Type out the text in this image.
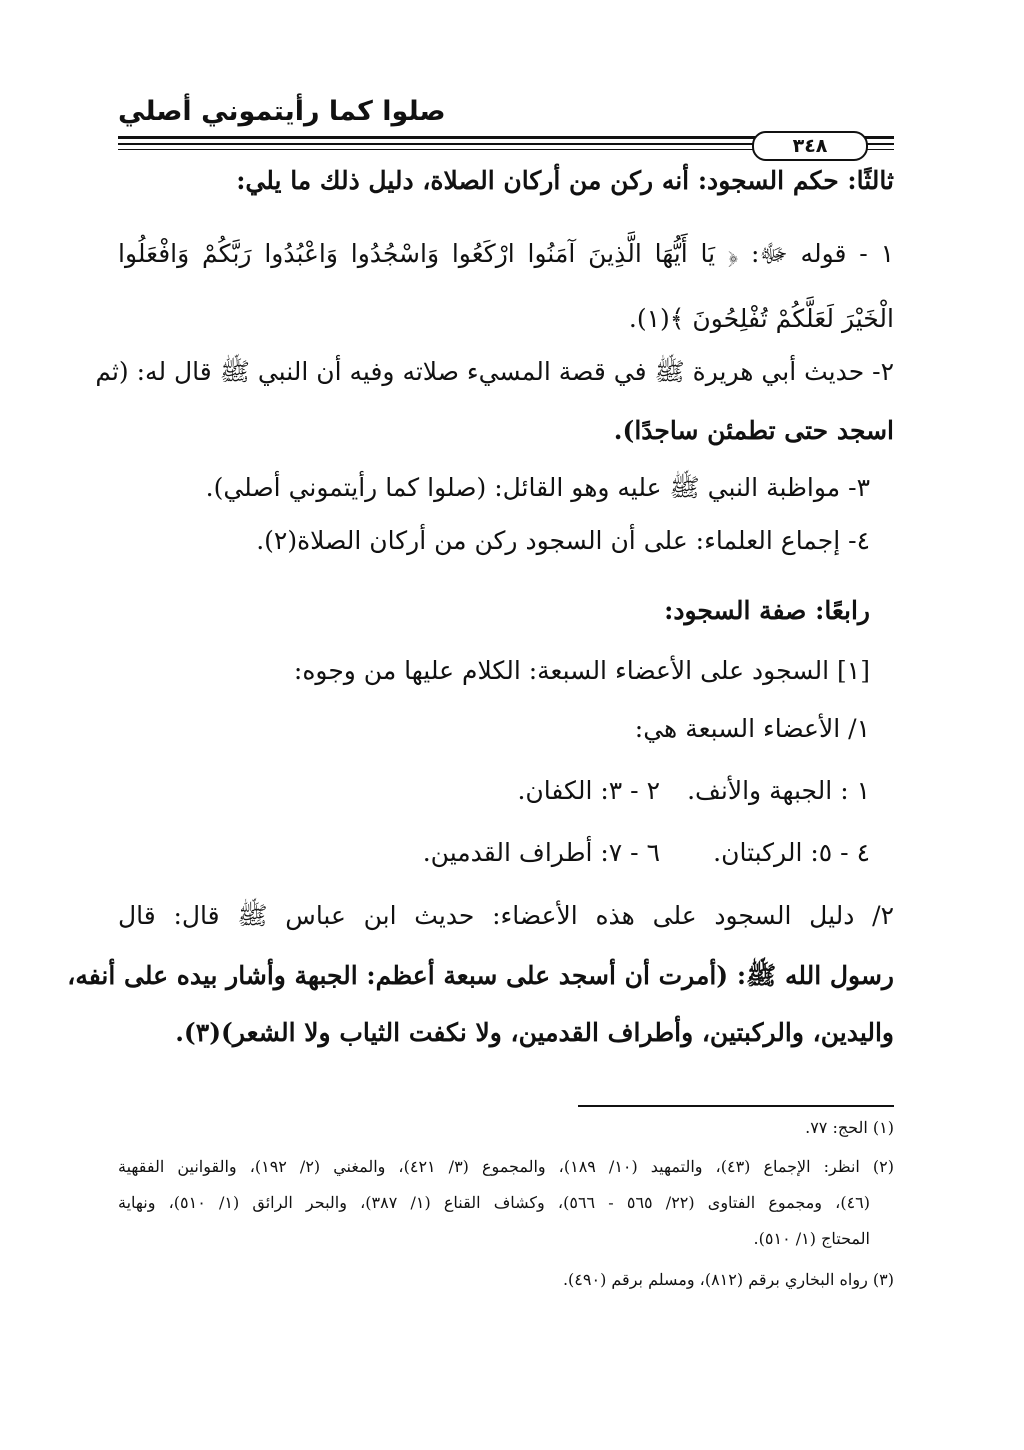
صلوا كما رأيتموني أصلي
٣٤٨
ثالثًا: حكم السجود: أنه ركن من أركان الصلاة، دليل ذلك ما يلي:
١ - قوله ﷻ: ﴿ يَا أَيُّهَا الَّذِينَ آمَنُوا ارْكَعُوا وَاسْجُدُوا وَاعْبُدُوا رَبَّكُمْ وَافْعَلُوا
الْخَيْرَ لَعَلَّكُمْ تُفْلِحُونَ ﴾(١).
٢- حديث أبي هريرة ﷺ في قصة المسيء صلاته وفيه أن النبي ﷺ قال له: (ثم
اسجد حتى تطمئن ساجدًا).
٣- مواظبة النبي ﷺ عليه وهو القائل: (صلوا كما رأيتموني أصلي).
٤- إجماع العلماء: على أن السجود ركن من أركان الصلاة(٢).
رابعًا: صفة السجود:
[١] السجود على الأعضاء السبعة: الكلام عليها من وجوه:
١/ الأعضاء السبعة هي:
١ : الجبهة والأنف.
٢ - ٣: الكفان.
٤ - ٥: الركبتان.
٦ - ٧: أطراف القدمين.
٢/ دليل السجود على هذه الأعضاء: حديث ابن عباس ﷺ قال: قال
رسول الله ﷺ: (أمرت أن أسجد على سبعة أعظم: الجبهة وأشار بيده على أنفه،
واليدين، والركبتين، وأطراف القدمين، ولا نكفت الثياب ولا الشعر)(٣).
(١) الحج: ٧٧.
(٢) انظر: الإجماع (٤٣)، والتمهيد (١٠/ ١٨٩)، والمجموع (٣/ ٤٢١)، والمغني (٢/ ١٩٢)، والقوانين الفقهية
(٤٦)، ومجموع الفتاوى (٢٢/ ٥٦٥ - ٥٦٦)، وكشاف القناع (١/ ٣٨٧)، والبحر الرائق (١/ ٥١٠)، ونهاية
المحتاج (١/ ٥١٠).
(٣) رواه البخاري برقم (٨١٢)، ومسلم برقم (٤٩٠).
